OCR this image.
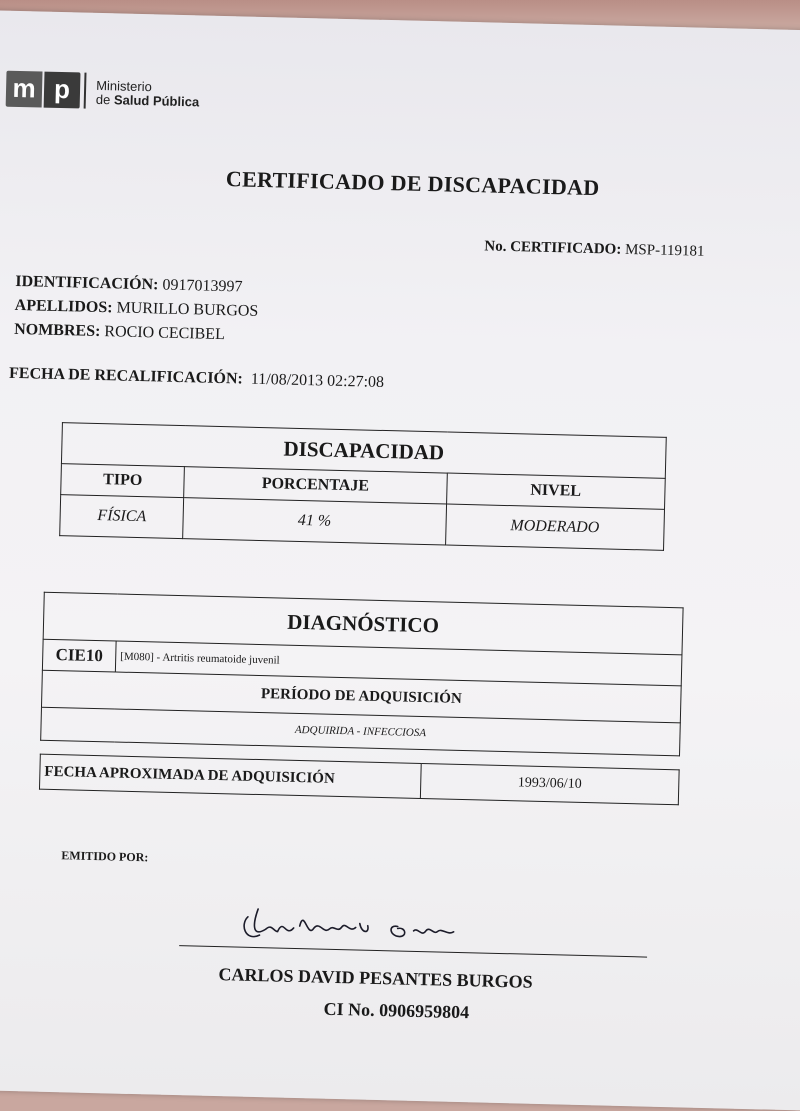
m p Ministerio
de Salud Pública
CERTIFICADO DE DISCAPACIDAD
No. CERTIFICADO: MSP-119181
IDENTIFICACIÓN: 0917013997
APELLIDOS: MURILLO BURGOS
NOMBRES: ROCIO CECIBEL
FECHA DE RECALIFICACIÓN: 11/08/2013 02:27:08
DISCAPACIDAD		
TIPO	PORCENTAJE	NIVEL
FÍSICA	41 %	MODERADO
DIAGNÓSTICO
CIE10	[M080] - Artritis reumatoide juvenil
PERÍODO DE ADQUISICIÓN
ADQUIRIDA - INFECCIOSA
FECHA APROXIMADA DE ADQUISICIÓN	1993/06/10
EMITIDO POR:
CARLOS DAVID PESANTES BURGOS
CI No. 0906959804
